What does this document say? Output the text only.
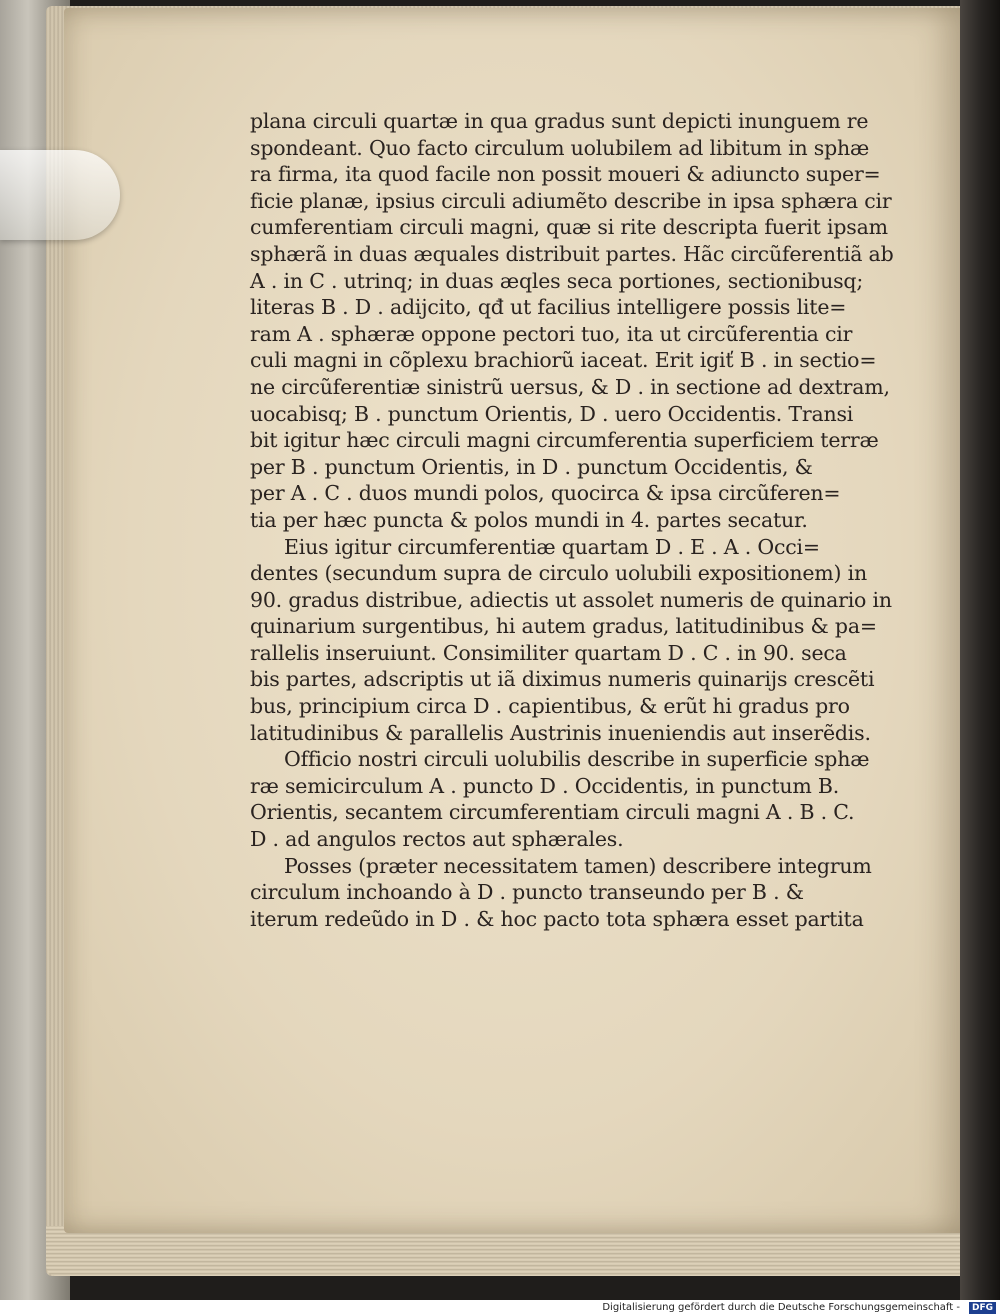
plana circuli quartæ in qua gradus sunt depicti inunguem re
spondeant. Quo facto circulum uolubilem ad libitum in sphæ
ra firma, ita quod facile non possit moueri & adiuncto super=
ficie planæ, ipsius circuli adiumẽto describe in ipsa sphæra cir
cumferentiam circuli magni, quæ si rite descripta fuerit ipsam
sphærã in duas æquales distribuit partes. Hãc circũferentiã ab
A . in C . utrinq; in duas æqles seca portiones, sectionibusq;
literas B . D . adijcito, qđ ut facilius intelligere possis lite=
ram A . sphæræ oppone pectori tuo, ita ut circũferentia cir
culi magni in cõplexu brachiorũ iaceat. Erit igiť B . in sectio=
ne circũferentiæ sinistrũ uersus, & D . in sectione ad dextram,
uocabisq; B . punctum Orientis, D . uero Occidentis. Transi
bit igitur hæc circuli magni circumferentia superficiem terræ
per B . punctum Orientis, in D . punctum Occidentis, &
per A . C . duos mundi polos, quocirca & ipsa circũferen=
tia per hæc puncta & polos mundi in 4. partes secatur.
Eius igitur circumferentiæ quartam D . E . A . Occi=
dentes (secundum supra de circulo uolubili expositionem) in
90. gradus distribue, adiectis ut assolet numeris de quinario in
quinarium surgentibus, hi autem gradus, latitudinibus & pa=
rallelis inseruiunt. Consimiliter quartam D . C . in 90. seca
bis partes, adscriptis ut iã diximus numeris quinarijs crescẽti
bus, principium circa D . capientibus, & erũt hi gradus pro
latitudinibus & parallelis Austrinis inueniendis aut inserẽdis.
Officio nostri circuli uolubilis describe in superficie sphæ
ræ semicirculum A . puncto D . Occidentis, in punctum B.
Orientis, secantem circumferentiam circuli magni A . B . C.
D . ad angulos rectos aut sphærales.
Posses (præter necessitatem tamen) describere integrum
circulum inchoando à D . puncto transeundo per B . &
iterum redeũdo in D . & hoc pacto tota sphæra esset partita
Digitalisierung gefördert durch die Deutsche Forschungsgemeinschaft -	DFG
